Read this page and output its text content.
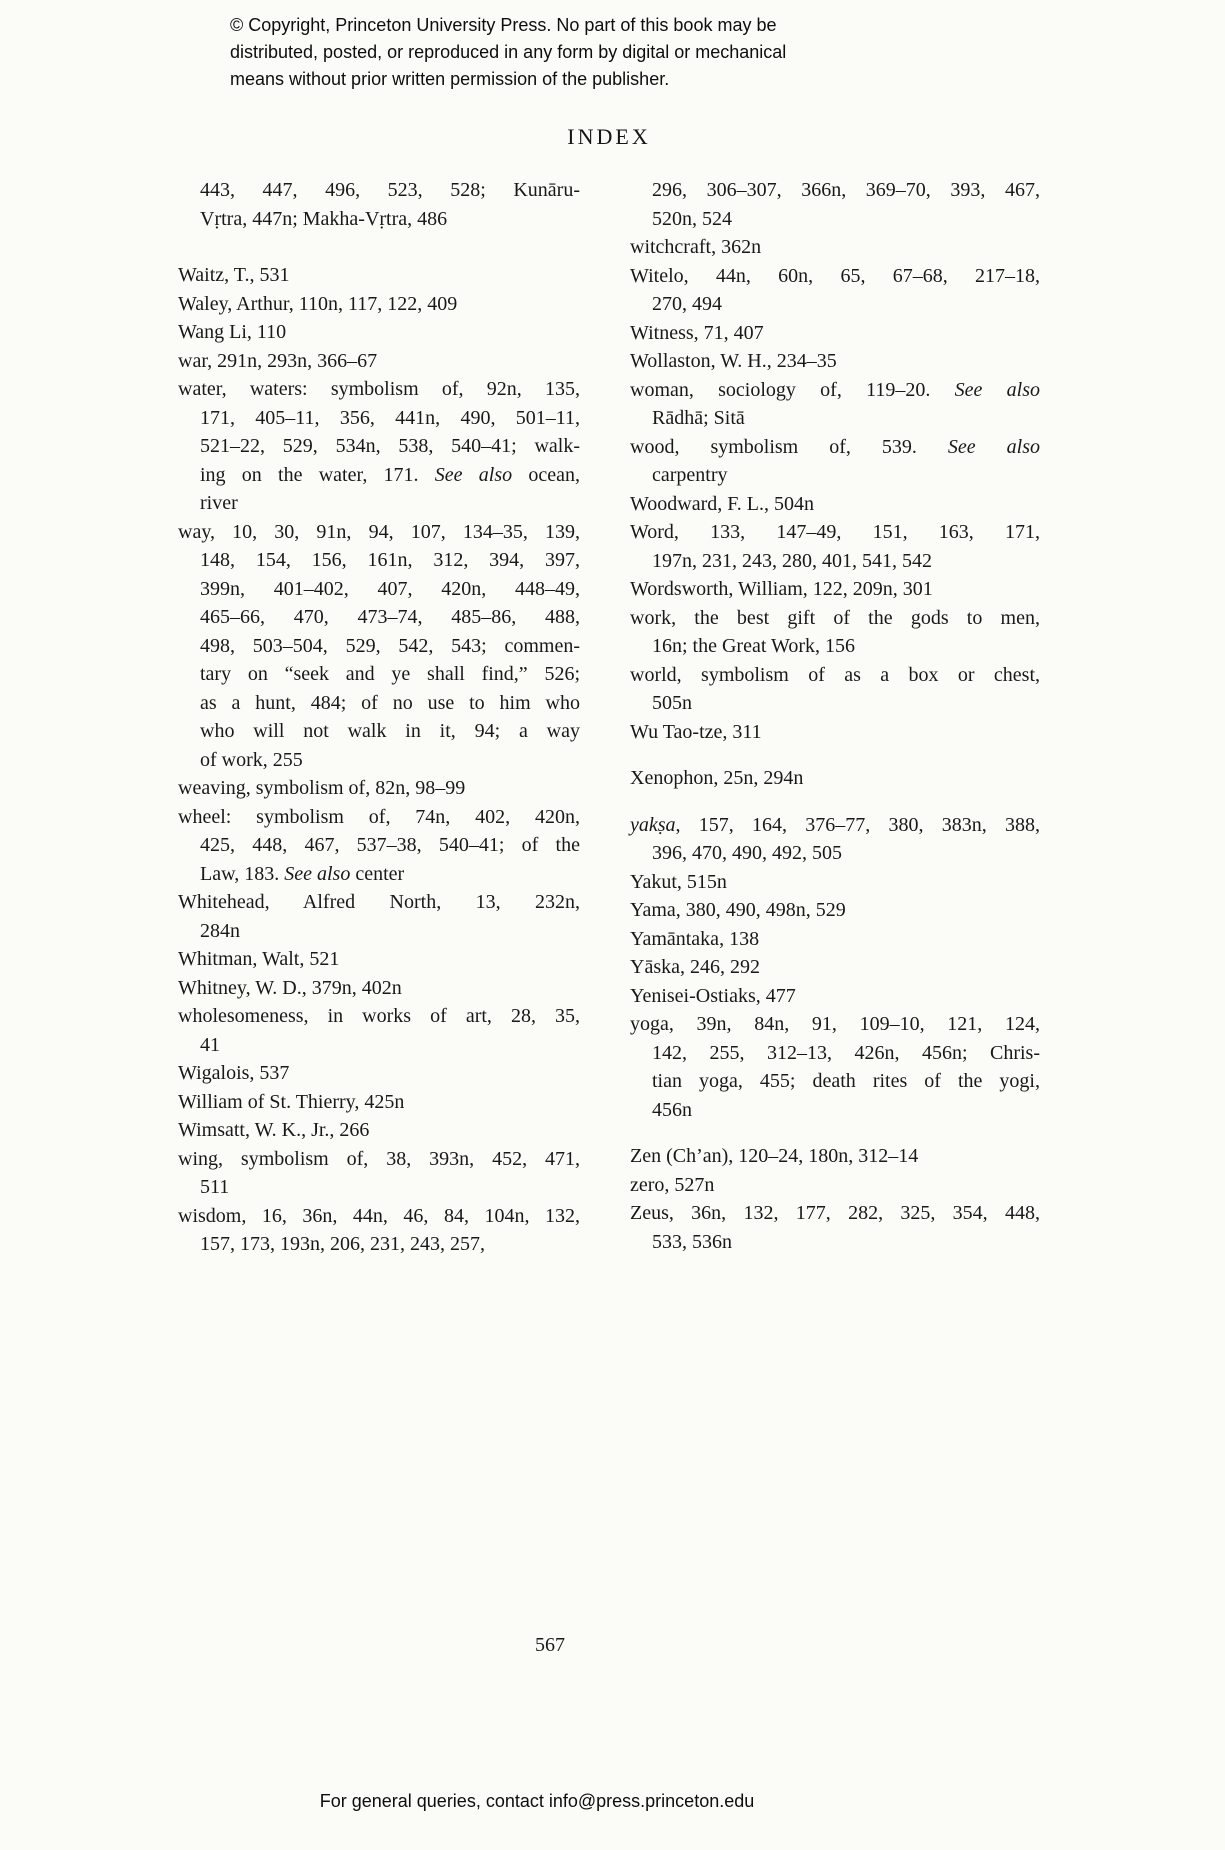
© Copyright, Princeton University Press. No part of this book may be
distributed, posted, or reproduced in any form by digital or mechanical
means without prior written permission of the publisher.
INDEX

443, 447, 496, 523, 528; Kunāru-
Vṛtra, 447n; Makha-Vṛtra, 486

Waitz, T., 531

Waley, Arthur, 110n, 117, 122, 409

Wang Li, 110

war, 291n, 293n, 366–67

water, waters: symbolism of, 92n, 135,
171, 405–11, 356, 441n, 490, 501–11,
521–22, 529, 534n, 538, 540–41; walk-
ing on the water, 171. See also ocean,
river

way, 10, 30, 91n, 94, 107, 134–35, 139,
148, 154, 156, 161n, 312, 394, 397,
399n, 401–402, 407, 420n, 448–49,
465–66, 470, 473–74, 485–86, 488,
498, 503–504, 529, 542, 543; commen-
tary on “seek and ye shall find,” 526;
as a hunt, 484; of no use to him who
who will not walk in it, 94; a way
of work, 255

weaving, symbolism of, 82n, 98–99

wheel: symbolism of, 74n, 402, 420n,
425, 448, 467, 537–38, 540–41; of the
Law, 183. See also center

Whitehead, Alfred North, 13, 232n,
284n

Whitman, Walt, 521

Whitney, W. D., 379n, 402n

wholesomeness, in works of art, 28, 35,
41

Wigalois, 537

William of St. Thierry, 425n

Wimsatt, W. K., Jr., 266

wing, symbolism of, 38, 393n, 452, 471,
511

wisdom, 16, 36n, 44n, 46, 84, 104n, 132,
157, 173, 193n, 206, 231, 243, 257,

296, 306–307, 366n, 369–70, 393, 467,
520n, 524

witchcraft, 362n

Witelo, 44n, 60n, 65, 67–68, 217–18,
270, 494

Witness, 71, 407

Wollaston, W. H., 234–35

woman, sociology of, 119–20. See also
Rādhā; Sitā

wood, symbolism of, 539. See also
carpentry

Woodward, F. L., 504n

Word, 133, 147–49, 151, 163, 171,
197n, 231, 243, 280, 401, 541, 542

Wordsworth, William, 122, 209n, 301

work, the best gift of the gods to men,
16n; the Great Work, 156

world, symbolism of as a box or chest,
505n

Wu Tao-tze, 311

Xenophon, 25n, 294n

yakṣa, 157, 164, 376–77, 380, 383n, 388,
396, 470, 490, 492, 505

Yakut, 515n

Yama, 380, 490, 498n, 529

Yamāntaka, 138

Yāska, 246, 292

Yenisei-Ostiaks, 477

yoga, 39n, 84n, 91, 109–10, 121, 124,
142, 255, 312–13, 426n, 456n; Chris-
tian yoga, 455; death rites of the yogi,
456n

Zen (Ch’an), 120–24, 180n, 312–14

zero, 527n

Zeus, 36n, 132, 177, 282, 325, 354, 448,
533, 536n

567
For general queries, contact info@press.princeton.edu
